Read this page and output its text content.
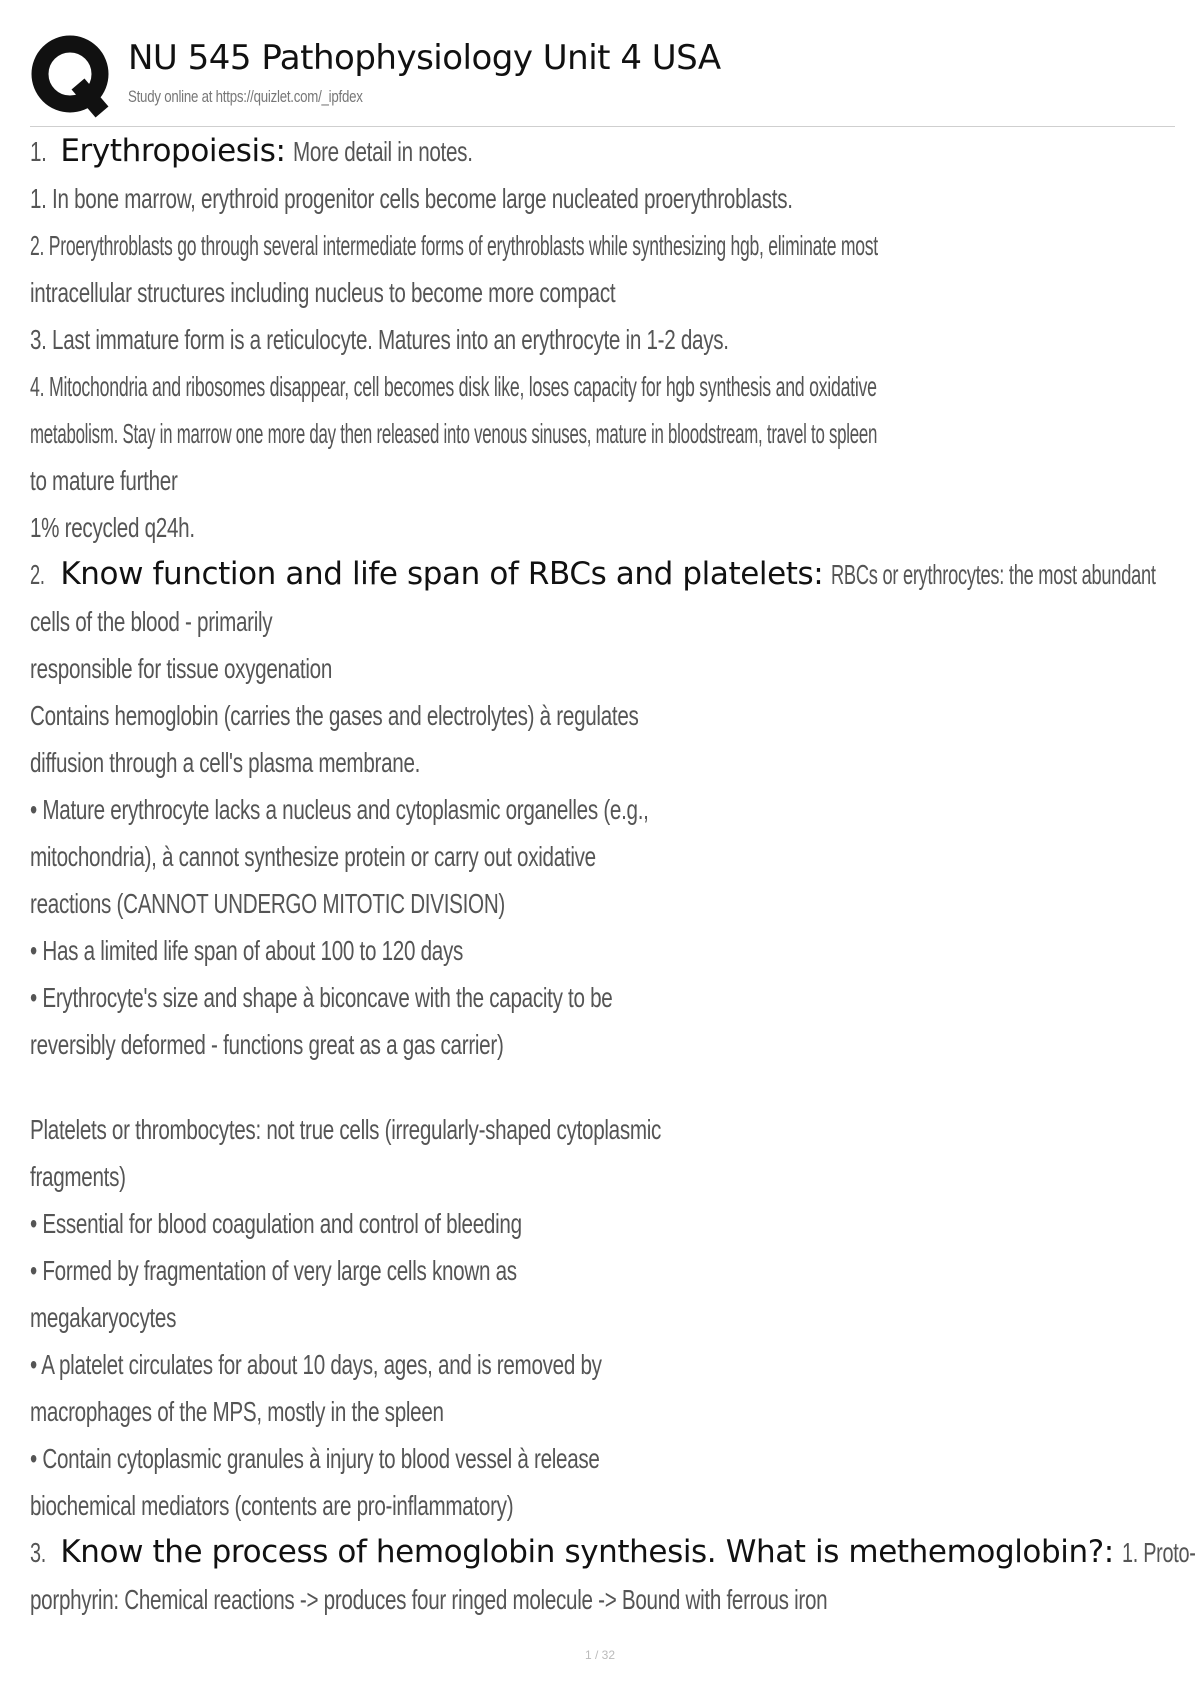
NU 545 Pathophysiology Unit 4 USA
Study online at https://quizlet.com/_ipfdex
1. Erythropoiesis: More detail in notes.
1. In bone marrow, erythroid progenitor cells become large nucleated proerythroblasts.
2. Proerythroblasts go through several intermediate forms of erythroblasts while synthesizing hgb, eliminate most
intracellular structures including nucleus to become more compact
3. Last immature form is a reticulocyte. Matures into an erythrocyte in 1-2 days.
4. Mitochondria and ribosomes disappear, cell becomes disk like, loses capacity for hgb synthesis and oxidative
metabolism. Stay in marrow one more day then released into venous sinuses, mature in bloodstream, travel to spleen
to mature further
1% recycled q24h.
2. Know function and life span of RBCs and platelets: RBCs or erythrocytes: the most abundant
cells of the blood - primarily
responsible for tissue oxygenation
Contains hemoglobin (carries the gases and electrolytes) à regulates
diffusion through a cell's plasma membrane.
• Mature erythrocyte lacks a nucleus and cytoplasmic organelles (e.g.,
mitochondria), à cannot synthesize protein or carry out oxidative
reactions (CANNOT UNDERGO MITOTIC DIVISION)
• Has a limited life span of about 100 to 120 days
• Erythrocyte's size and shape à biconcave with the capacity to be
reversibly deformed - functions great as a gas carrier)
Platelets or thrombocytes: not true cells (irregularly-shaped cytoplasmic
fragments)
• Essential for blood coagulation and control of bleeding
• Formed by fragmentation of very large cells known as
megakaryocytes
• A platelet circulates for about 10 days, ages, and is removed by
macrophages of the MPS, mostly in the spleen
• Contain cytoplasmic granules à injury to blood vessel à release
biochemical mediators (contents are pro-inflammatory)
3. Know the process of hemoglobin synthesis. What is methemoglobin?: 1. Proto-
porphyrin: Chemical reactions -> produces four ringed molecule -> Bound with ferrous iron
1 / 32
